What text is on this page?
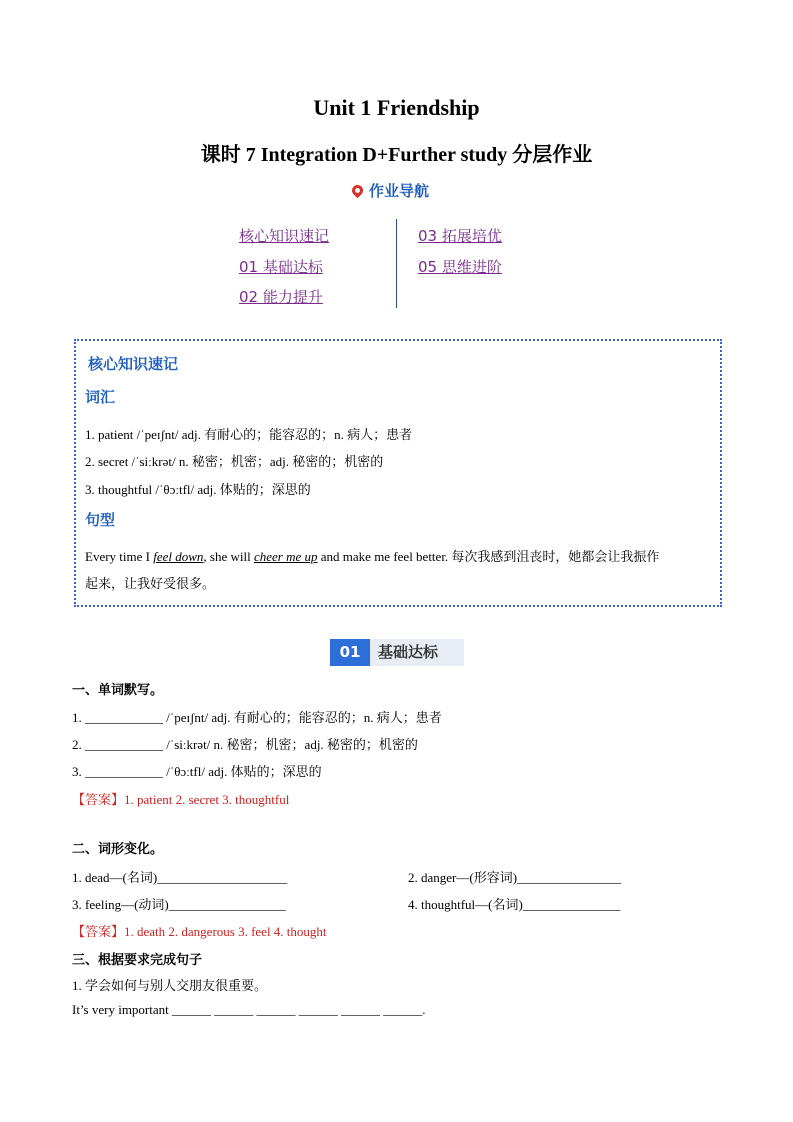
Unit 1 Friendship
课时 7 Integration D+Further study 分层作业
作业导航
核心知识速记
01 基础达标
02 能力提升
03 拓展培优
05 思维进阶
核心知识速记
词汇
1. patient /ˈpeɪʃnt/ adj. 有耐心的；能容忍的；n. 病人；患者
2. secret /ˈsiːkrət/ n. 秘密；机密；adj. 秘密的；机密的
3. thoughtful /ˈθɔːtfl/ adj. 体贴的；深思的
句型
Every time I feel down, she will cheer me up and make me feel better. 每次我感到沮丧时，她都会让我振作
起来，让我好受很多。
01	基础达标
一、单词默写。
1. ____________ /ˈpeɪʃnt/ adj. 有耐心的；能容忍的；n. 病人；患者
2. ____________ /ˈsiːkrət/ n. 秘密；机密；adj. 秘密的；机密的
3. ____________ /ˈθɔːtfl/ adj. 体贴的；深思的
【答案】1. patient 2. secret 3. thoughtful
二、词形变化。
1. dead—(名词)____________________	2. danger—(形容词)________________
3. feeling—(动词)__________________	4. thoughtful—(名词)_______________
【答案】1. death 2. dangerous 3. feel 4. thought
三、根据要求完成句子
1. 学会如何与别人交朋友很重要。
It’s very important ______ ______ ______ ______ ______ ______.
